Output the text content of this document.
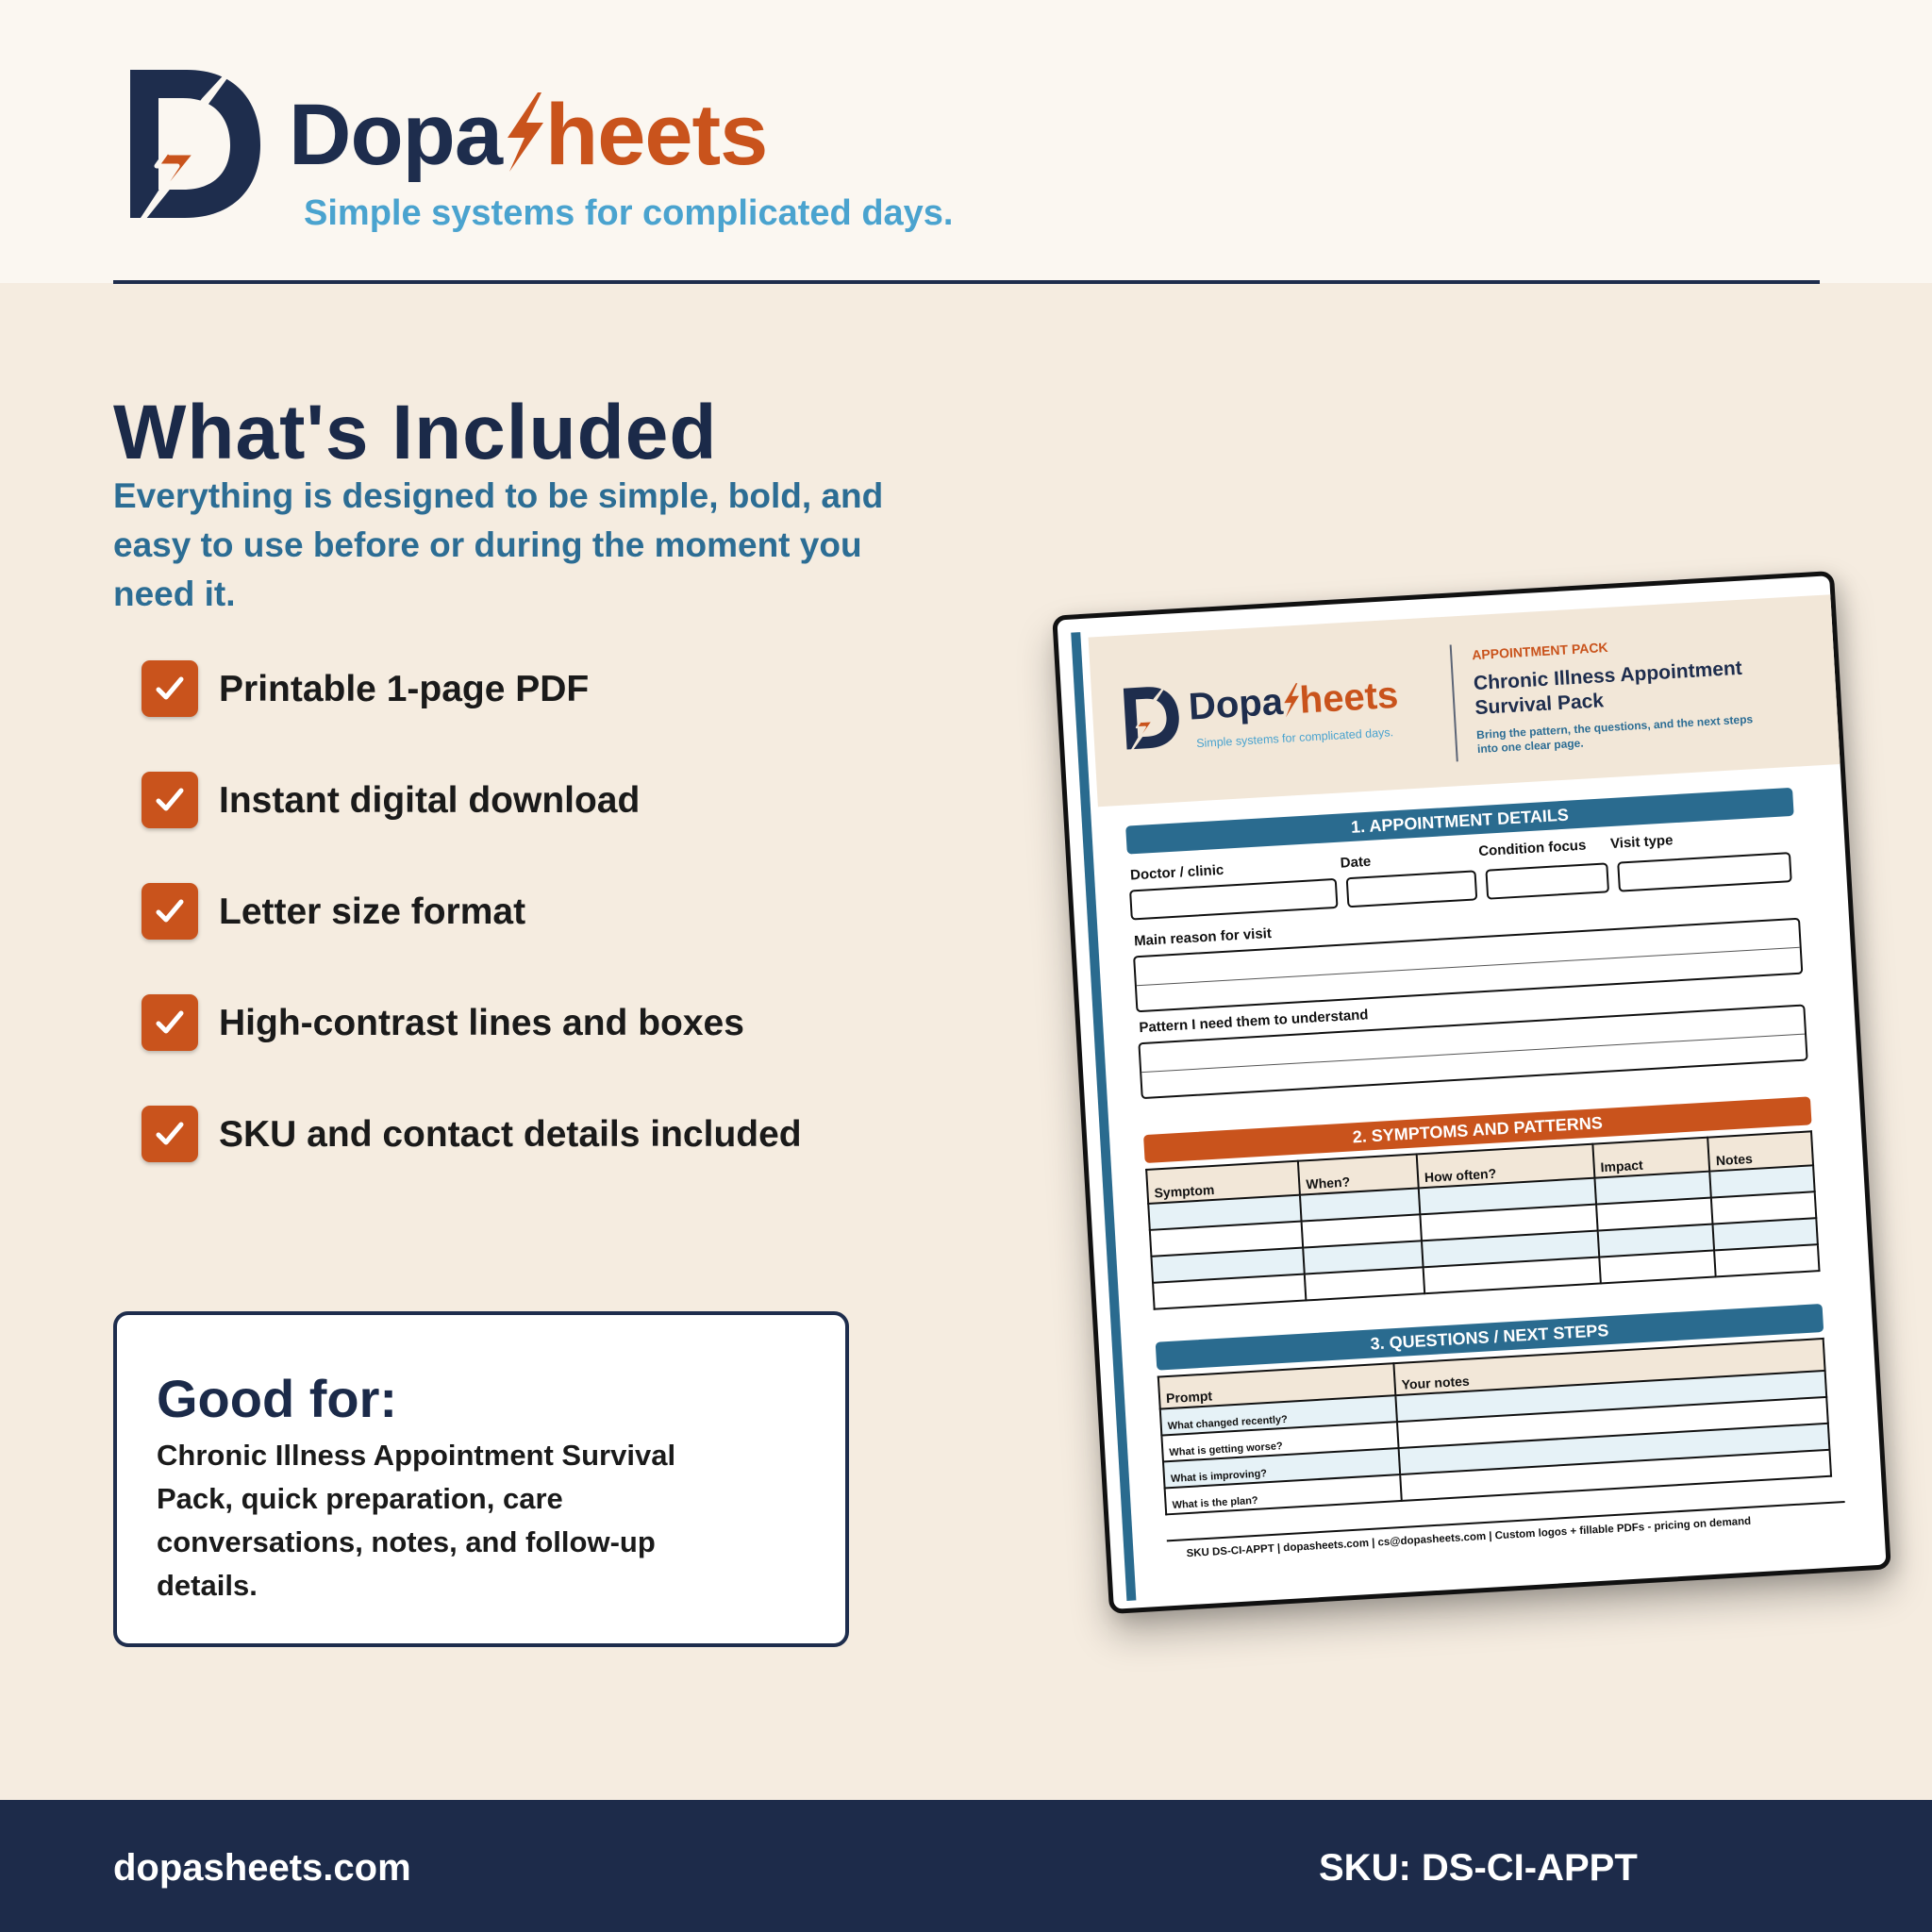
Dopa heets
Simple systems for complicated days.
What's Included
Everything is designed to be simple, bold, and easy to use before or during the moment you need it.
Printable 1-page PDF
Instant digital download
Letter size format
High-contrast lines and boxes
SKU and contact details included
Good for:
Chronic Illness Appointment Survival Pack, quick preparation, care conversations, notes, and follow-up details.
Dopa heets
Simple systems for complicated days.
APPOINTMENT PACK
Chronic Illness Appointment Survival Pack
Bring the pattern, the questions, and the next steps into one clear page.
1. APPOINTMENT DETAILS
Doctor / clinic	Date
Condition focus Visit type
Main reason for visit
Pattern I need them to understand
2. SYMPTOMS AND PATTERNS
Symptom	When?	How often?	Impact	Notes

3. QUESTIONS / NEXT STEPS
Prompt	Your notes
What changed recently?	
What is getting worse?	
What is improving?	
What is the plan?	
SKU DS-CI-APPT | dopasheets.com | cs@dopasheets.com | Custom logos + fillable PDFs - pricing on demand
dopasheets.com	SKU: DS-CI-APPT
